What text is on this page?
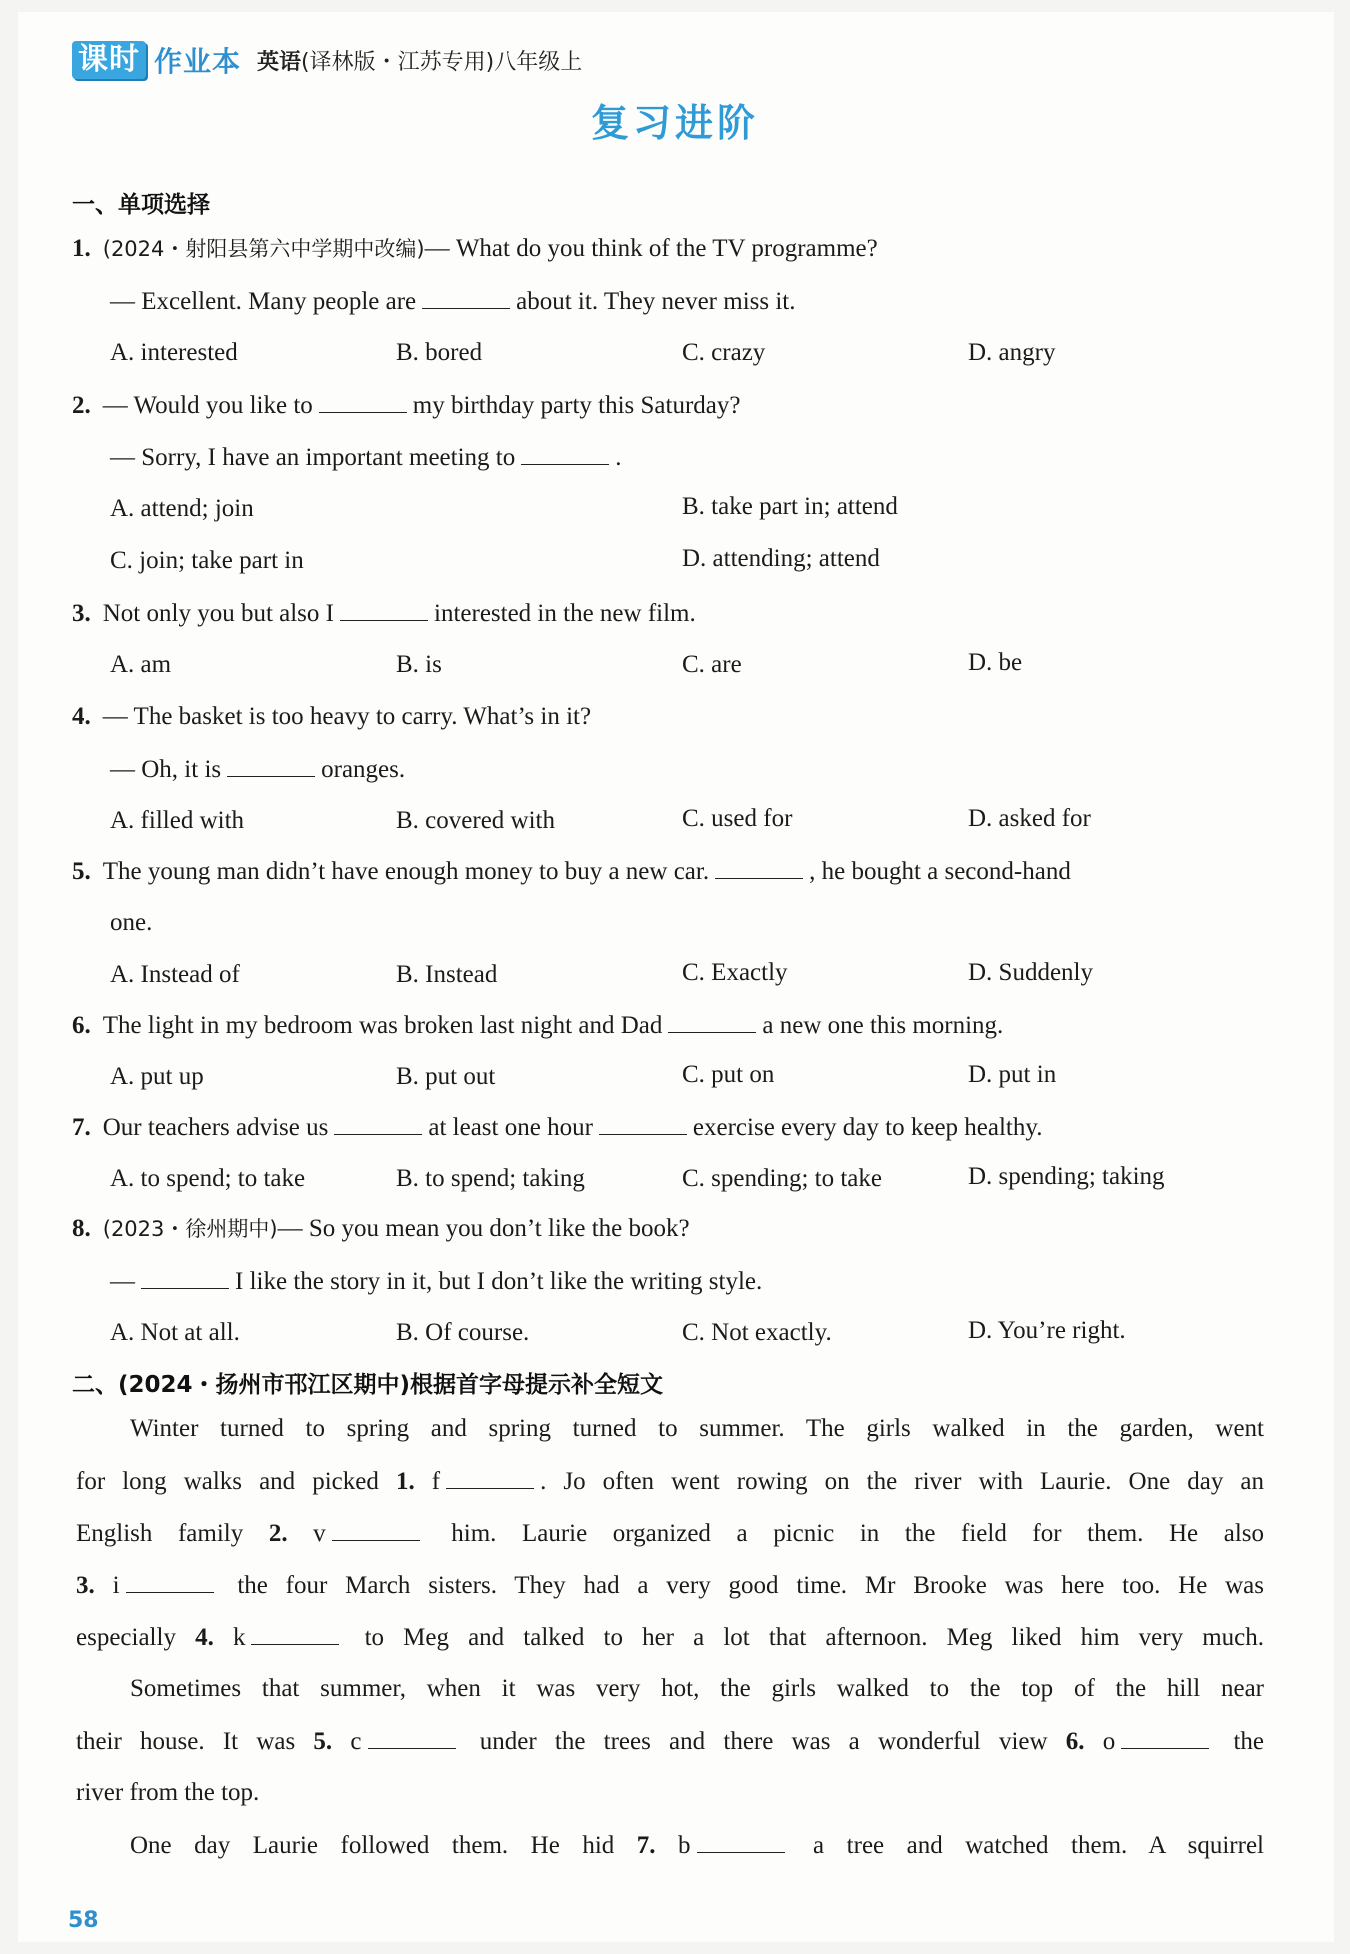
课时 作业本 英语(译林版・江苏专用)八年级上
复习进阶
一、单项选择
1. (2024・射阳县第六中学期中改编)— What do you think of the TV programme?
— Excellent. Many people are	about it. They never miss it.
A. interested	B. bored	C. crazy	D. angry
2. — Would you like to	my birthday party this Saturday?
— Sorry, I have an important meeting to	.
A. attend; join	B. take part in; attend
C. join; take part in	D. attending; attend
3. Not only you but also I	interested in the new film.
A. am	B. is	C. are	D. be
4. — The basket is too heavy to carry. What’s in it?
— Oh, it is	oranges.
A. filled with	B. covered with	C. used for	D. asked for
5. The young man didn’t have enough money to buy a new car.	, he bought a second-hand
one.
A. Instead of	B. Instead	C. Exactly	D. Suddenly
6. The light in my bedroom was broken last night and Dad	a new one this morning.
A. put up	B. put out	C. put on	D. put in
7. Our teachers advise us	at least one hour	exercise every day to keep healthy.
A. to spend; to take	B. to spend; taking	C. spending; to take	D. spending; taking
8. (2023・徐州期中)— So you mean you don’t like the book?
—	I like the story in it, but I don’t like the writing style.
A. Not at all.	B. Of course.	C. Not exactly.	D. You’re right.
二、(2024・扬州市邗江区期中)根据首字母提示补全短文
Winter turned to spring and spring turned to summer. The girls walked in the garden, went
for long walks and picked 1. f	. Jo often went rowing on the river with Laurie. One day an
English family 2. v	him. Laurie organized a picnic in the field for them. He also
3. i	the four March sisters. They had a very good time. Mr Brooke was here too. He was
especially 4. k	to Meg and talked to her a lot that afternoon. Meg liked him very much.
Sometimes that summer, when it was very hot, the girls walked to the top of the hill near
their house. It was 5. c	under the trees and there was a wonderful view 6. o	the
river from the top.
One day Laurie followed them. He hid 7. b	a tree and watched them. A squirrel
58
